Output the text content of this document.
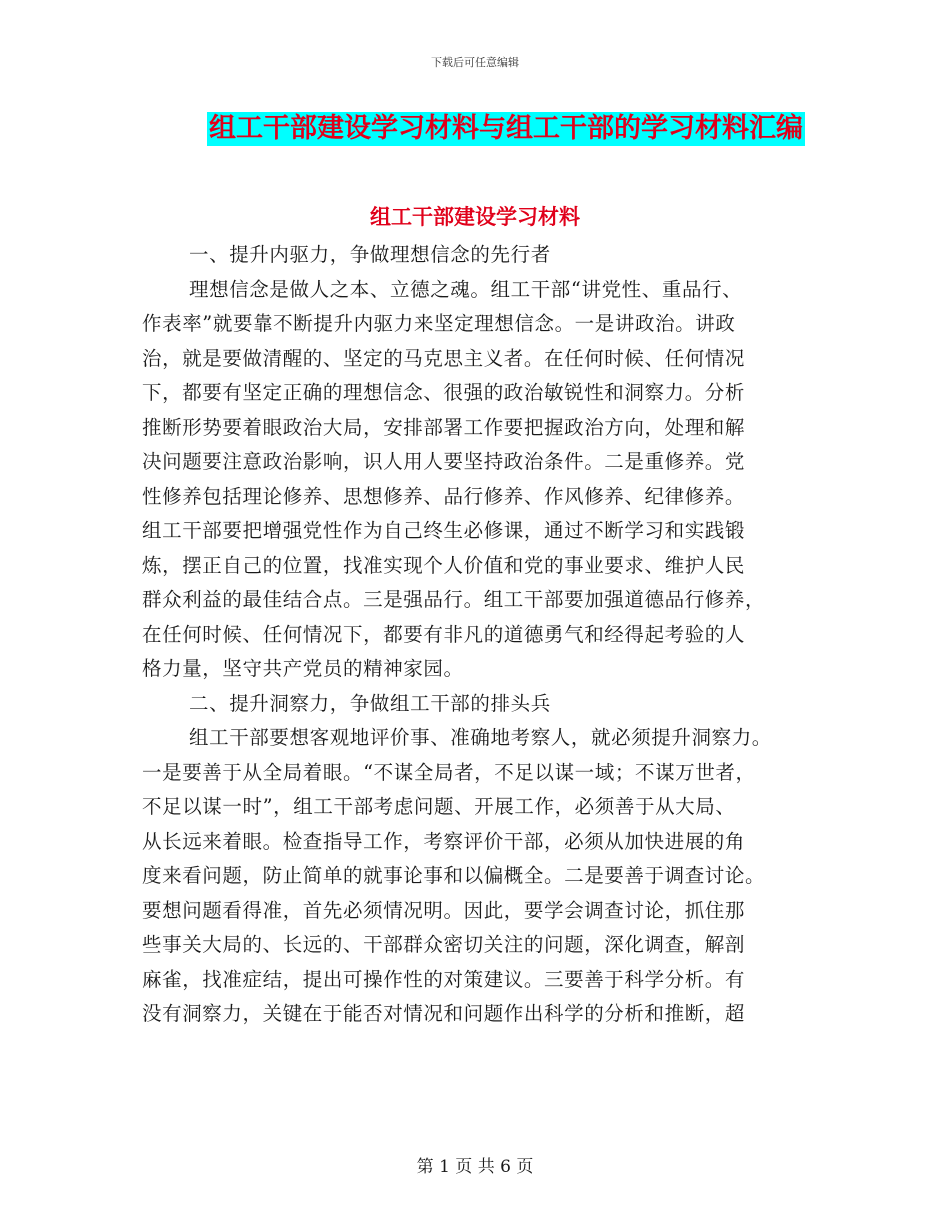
下载后可任意编辑
组工干部建设学习材料与组工干部的学习材料汇编
组工干部建设学习材料
一、提升内驱力，争做理想信念的先行者
理想信念是做人之本、立德之魂。组工干部“讲党性、重品行、
作表率”就要靠不断提升内驱力来坚定理想信念。一是讲政治。讲政
治，就是要做清醒的、坚定的马克思主义者。在任何时候、任何情况
下，都要有坚定正确的理想信念、很强的政治敏锐性和洞察力。分析
推断形势要着眼政治大局，安排部署工作要把握政治方向，处理和解
决问题要注意政治影响，识人用人要坚持政治条件。二是重修养。党
性修养包括理论修养、思想修养、品行修养、作风修养、纪律修养。
组工干部要把增强党性作为自己终生必修课，通过不断学习和实践锻
炼，摆正自己的位置，找准实现个人价值和党的事业要求、维护人民
群众利益的最佳结合点。三是强品行。组工干部要加强道德品行修养，
在任何时候、任何情况下，都要有非凡的道德勇气和经得起考验的人
格力量，坚守共产党员的精神家园。
二、提升洞察力，争做组工干部的排头兵
组工干部要想客观地评价事、准确地考察人，就必须提升洞察力。
一是要善于从全局着眼。“不谋全局者，不足以谋一域；不谋万世者，
不足以谋一时”，组工干部考虑问题、开展工作，必须善于从大局、
从长远来着眼。检查指导工作，考察评价干部，必须从加快进展的角
度来看问题，防止简单的就事论事和以偏概全。二是要善于调查讨论。
要想问题看得准，首先必须情况明。因此，要学会调查讨论，抓住那
些事关大局的、长远的、干部群众密切关注的问题，深化调查，解剖
麻雀，找准症结，提出可操作性的对策建议。三要善于科学分析。有
没有洞察力，关键在于能否对情况和问题作出科学的分析和推断，超
第 1 页 共 6 页
